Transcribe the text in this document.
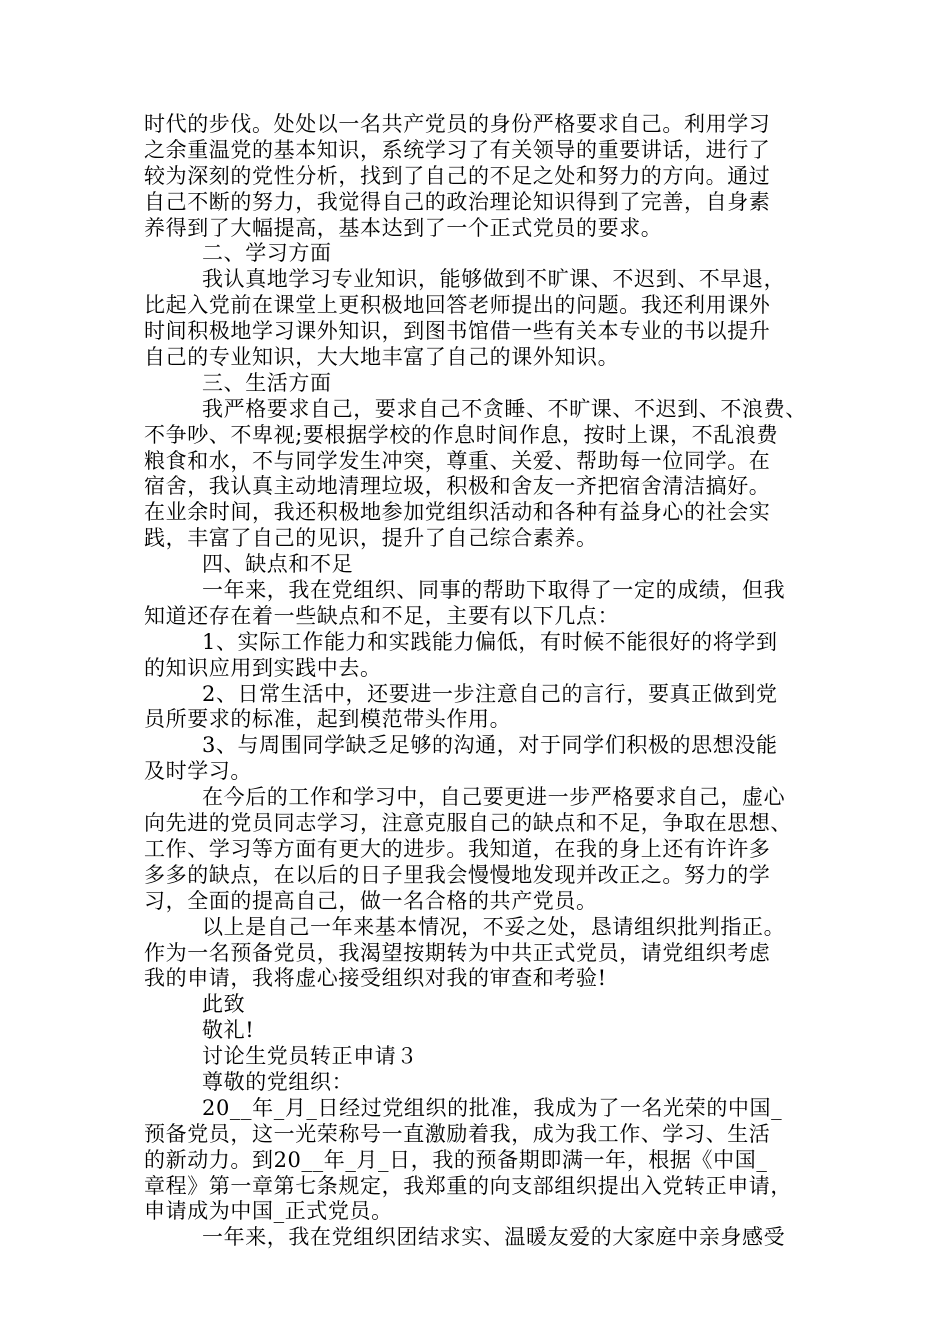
时代的步伐。处处以一名共产党员的身份严格要求自己。利用学习
之余重温党的基本知识，系统学习了有关领导的重要讲话，进行了
较为深刻的党性分析，找到了自己的不足之处和努力的方向。通过
自己不断的努力，我觉得自己的政治理论知识得到了完善，自身素
养得到了大幅提高，基本达到了一个正式党员的要求。
二、学习方面
我认真地学习专业知识，能够做到不旷课、不迟到、不早退，
比起入党前在课堂上更积极地回答老师提出的问题。我还利用课外
时间积极地学习课外知识，到图书馆借一些有关本专业的书以提升
自己的专业知识，大大地丰富了自己的课外知识。
三、生活方面
我严格要求自己，要求自己不贪睡、不旷课、不迟到、不浪费、
不争吵、不卑视;要根据学校的作息时间作息，按时上课，不乱浪费
粮食和水，不与同学发生冲突，尊重、关爱、帮助每一位同学。在
宿舍，我认真主动地清理垃圾，积极和舍友一齐把宿舍清洁搞好。
在业余时间，我还积极地参加党组织活动和各种有益身心的社会实
践，丰富了自己的见识，提升了自己综合素养。
四、缺点和不足
一年来，我在党组织、同事的帮助下取得了一定的成绩，但我
知道还存在着一些缺点和不足，主要有以下几点：
1、实际工作能力和实践能力偏低，有时候不能很好的将学到
的知识应用到实践中去。
2、日常生活中，还要进一步注意自己的言行，要真正做到党
员所要求的标准，起到模范带头作用。
3、与周围同学缺乏足够的沟通，对于同学们积极的思想没能
及时学习。
在今后的工作和学习中，自己要更进一步严格要求自己，虚心
向先进的党员同志学习，注意克服自己的缺点和不足，争取在思想、
工作、学习等方面有更大的进步。我知道，在我的身上还有许许多
多多的缺点，在以后的日子里我会慢慢地发现并改正之。努力的学
习，全面的提高自己，做一名合格的共产党员。
以上是自己一年来基本情况，不妥之处，恳请组织批判指正。
作为一名预备党员，我渴望按期转为中共正式党员，请党组织考虑
我的申请，我将虚心接受组织对我的审查和考验!
此致
敬礼!
讨论生党员转正申请３
尊敬的党组织：
20__年_月_日经过党组织的批准，我成为了一名光荣的中国_
预备党员，这一光荣称号一直激励着我，成为我工作、学习、生活
的新动力。到20__年_月_日，我的预备期即满一年，根据《中国_
章程》第一章第七条规定，我郑重的向支部组织提出入党转正申请，
申请成为中国_正式党员。
一年来，我在党组织团结求实、温暖友爱的大家庭中亲身感受
